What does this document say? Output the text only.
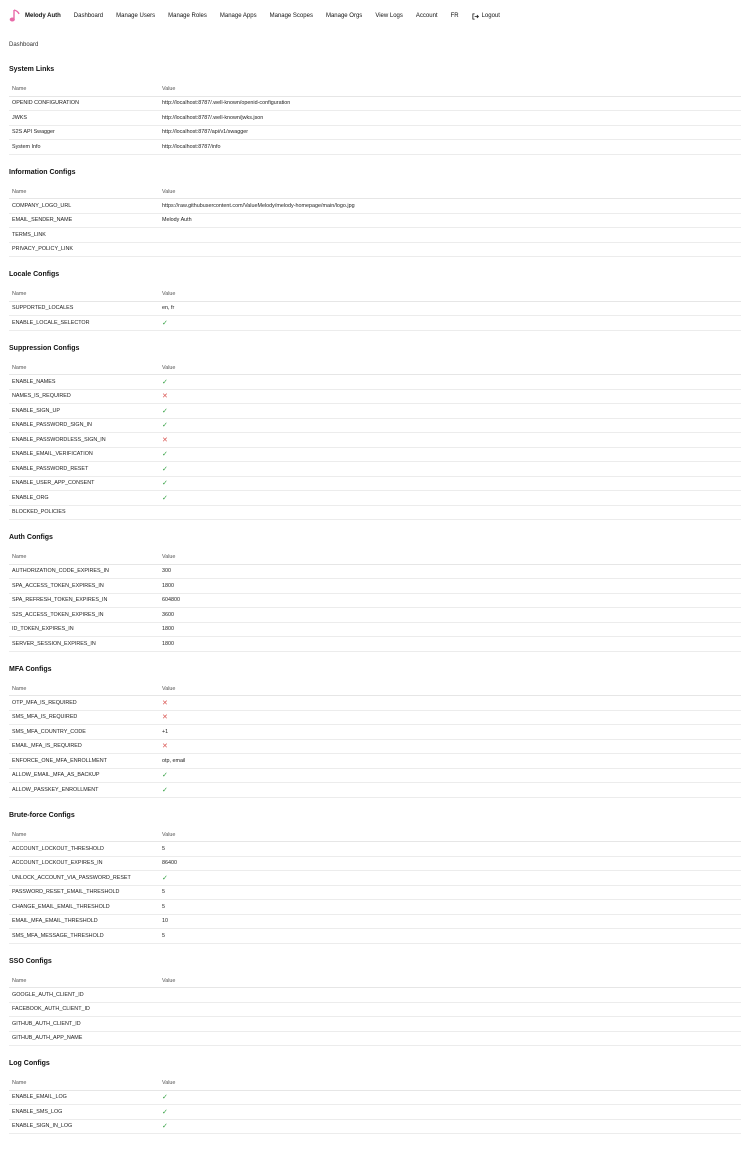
Melody Auth Dashboard Manage Users Manage Roles Manage Apps Manage Scopes Manage Orgs View Logs Account FR	Logout
Dashboard
System Links
Name	Value
OPENID CONFIGURATION	http://localhost:8787/.well-known/openid-configuration
JWKS	http://localhost:8787/.well-known/jwks.json
S2S API Swagger	http://localhost:8787/api/v1/swagger
System Info	http://localhost:8787/info
Information Configs
Name	Value
COMPANY_LOGO_URL	https://raw.githubusercontent.com/ValueMelody/melody-homepage/main/logo.jpg
EMAIL_SENDER_NAME	Melody Auth
TERMS_LINK	
PRIVACY_POLICY_LINK	
Locale Configs
Name	Value
SUPPORTED_LOCALES	en, fr
ENABLE_LOCALE_SELECTOR	✓
Suppression Configs
Name	Value
ENABLE_NAMES	✓
NAMES_IS_REQUIRED	✕
ENABLE_SIGN_UP	✓
ENABLE_PASSWORD_SIGN_IN	✓
ENABLE_PASSWORDLESS_SIGN_IN	✕
ENABLE_EMAIL_VERIFICATION	✓
ENABLE_PASSWORD_RESET	✓
ENABLE_USER_APP_CONSENT	✓
ENABLE_ORG	✓
BLOCKED_POLICIES	
Auth Configs
Name	Value
AUTHORIZATION_CODE_EXPIRES_IN	300
SPA_ACCESS_TOKEN_EXPIRES_IN	1800
SPA_REFRESH_TOKEN_EXPIRES_IN	604800
S2S_ACCESS_TOKEN_EXPIRES_IN	3600
ID_TOKEN_EXPIRES_IN	1800
SERVER_SESSION_EXPIRES_IN	1800
MFA Configs
Name	Value
OTP_MFA_IS_REQUIRED	✕
SMS_MFA_IS_REQUIRED	✕
SMS_MFA_COUNTRY_CODE	+1
EMAIL_MFA_IS_REQUIRED	✕
ENFORCE_ONE_MFA_ENROLLMENT	otp, email
ALLOW_EMAIL_MFA_AS_BACKUP	✓
ALLOW_PASSKEY_ENROLLMENT	✓
Brute-force Configs
Name	Value
ACCOUNT_LOCKOUT_THRESHOLD	5
ACCOUNT_LOCKOUT_EXPIRES_IN	86400
UNLOCK_ACCOUNT_VIA_PASSWORD_RESET	✓
PASSWORD_RESET_EMAIL_THRESHOLD	5
CHANGE_EMAIL_EMAIL_THRESHOLD	5
EMAIL_MFA_EMAIL_THRESHOLD	10
SMS_MFA_MESSAGE_THRESHOLD	5
SSO Configs
Name	Value
GOOGLE_AUTH_CLIENT_ID	
FACEBOOK_AUTH_CLIENT_ID	
GITHUB_AUTH_CLIENT_ID	
GITHUB_AUTH_APP_NAME	
Log Configs
Name	Value
ENABLE_EMAIL_LOG	✓
ENABLE_SMS_LOG	✓
ENABLE_SIGN_IN_LOG	✓
